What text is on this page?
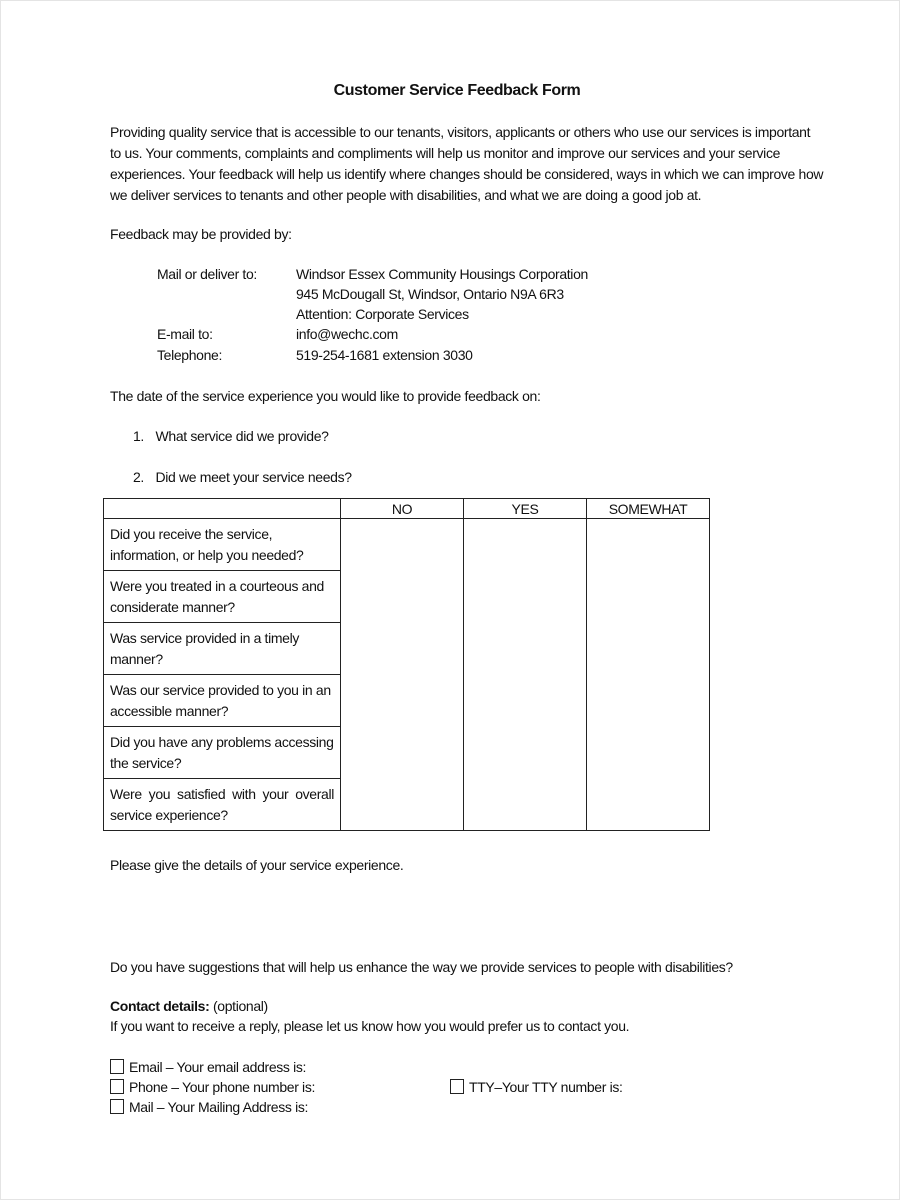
Customer Service Feedback Form
Providing quality service that is accessible to our tenants, visitors, applicants or others who use our services is important
to us. Your comments, complaints and compliments will help us monitor and improve our services and your service
experiences. Your feedback will help us identify where changes should be considered, ways in which we can improve how
we deliver services to tenants and other people with disabilities, and what we are doing a good job at.
Feedback may be provided by:
Mail or deliver to:	Windsor Essex Community Housings Corporation
945 McDougall St, Windsor, Ontario N9A 6R3
Attention: Corporate Services
E-mail to:	info@wechc.com
Telephone:	519-254-1681 extension 3030
The date of the service experience you would like to provide feedback on:
1. What service did we provide?
2. Did we meet your service needs?
	NO	YES	SOMEWHAT
Did you receive the service, information, or help you needed?			
Were you treated in a courteous and considerate manner?			
Was service provided in a timely manner?			
Was our service provided to you in an accessible manner?			
Did you have any problems accessing the service?			
Were you satisfied with your overall service experience?			
Please give the details of your service experience.
Do you have suggestions that will help us enhance the way we provide services to people with disabilities?
Contact details: (optional)
If you want to receive a reply, please let us know how you would prefer us to contact you.
Email – Your email address is:
Phone – Your phone number is:
Mail – Your Mailing Address is:
TTY–Your TTY number is:
